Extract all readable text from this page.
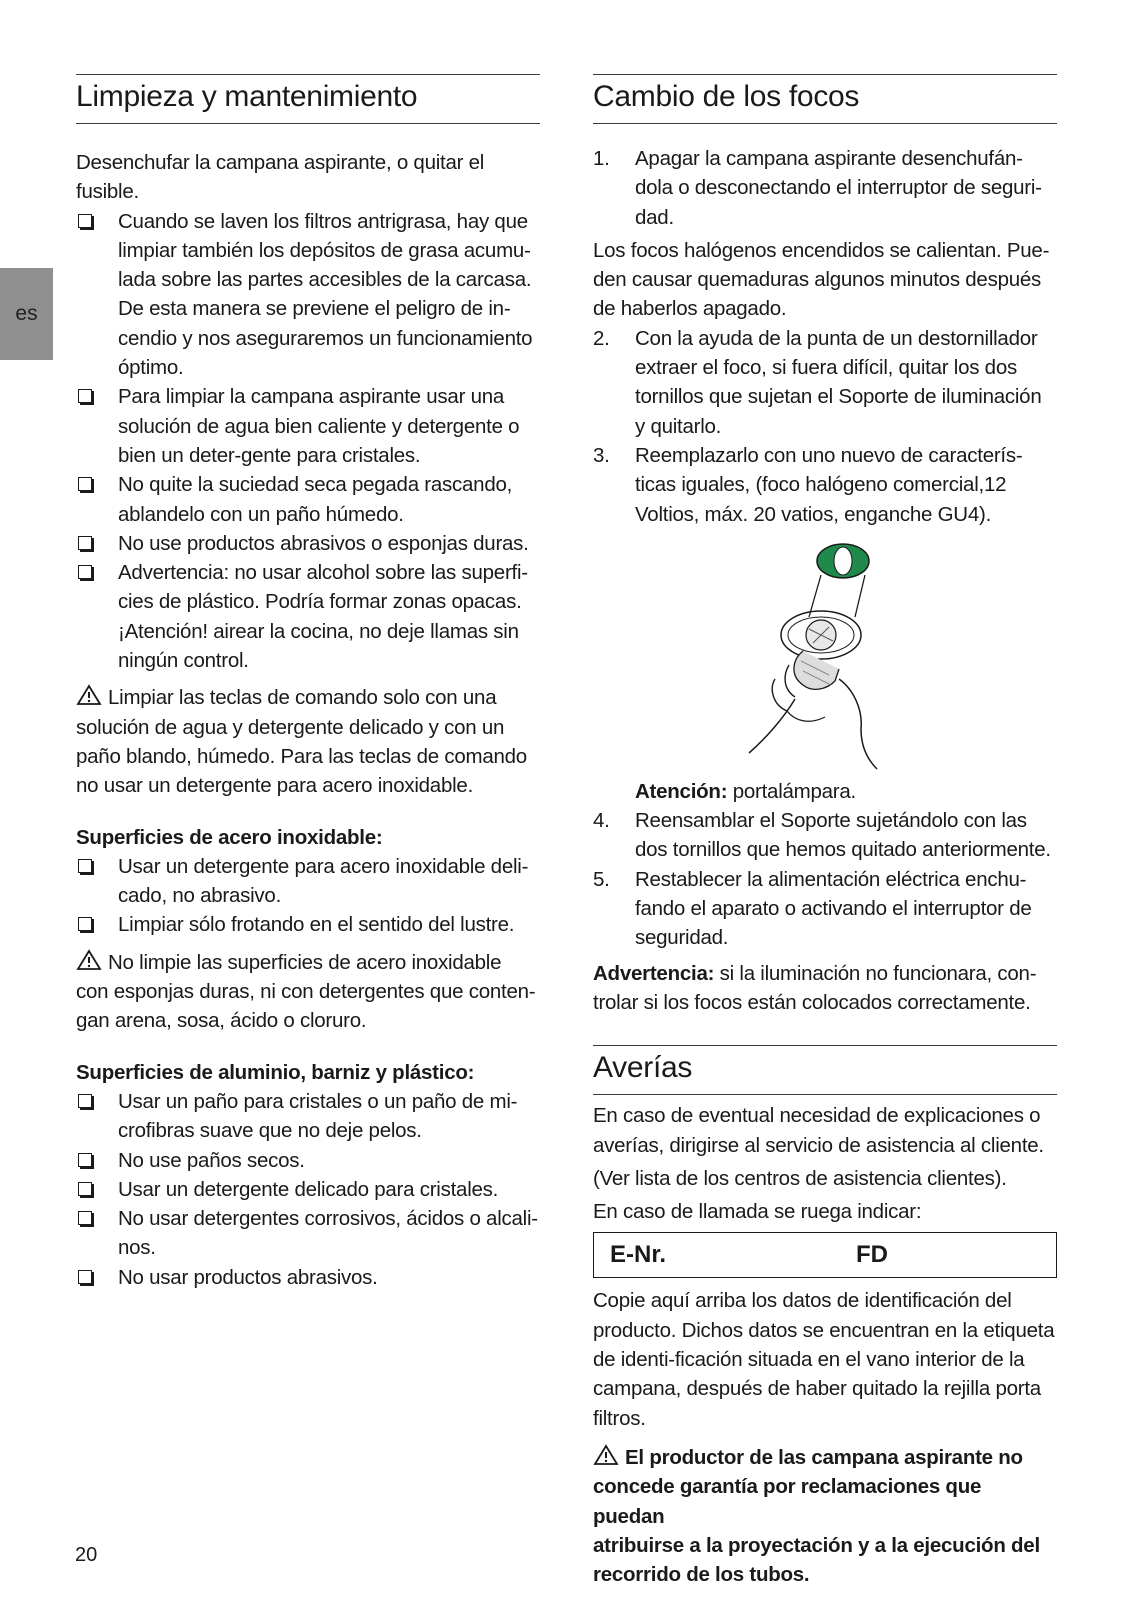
es
Limpieza y mantenimiento
Desenchufar la campana aspirante, o quitar el
fusible.
Cuando se laven los filtros antrigrasa, hay que
limpiar también los depósitos de grasa acumu-
lada sobre las partes accesibles de la carcasa.
De esta manera se previene el peligro de in-
cendio y nos aseguraremos un funcionamiento
óptimo.
Para limpiar la campana aspirante usar una
solución de agua bien caliente y detergente o
bien un deter-gente para cristales.
No quite la suciedad seca pegada rascando,
ablandelo con un paño húmedo.
No use productos abrasivos o esponjas duras.
Advertencia: no usar alcohol sobre las superfi-
cies de plástico. Podría formar zonas opacas.
¡Atención! airear la cocina, no deje llamas sin
ningún control.
Limpiar las teclas de comando solo con una
solución de agua y detergente delicado y con un
paño blando, húmedo. Para las teclas de comando
no usar un detergente para acero inoxidable.
Superficies de acero inoxidable:
Usar un detergente para acero inoxidable deli-
cado, no abrasivo.
Limpiar sólo frotando en el sentido del lustre.
No limpie las superficies de acero inoxidable
con esponjas duras, ni con detergentes que conten-
gan arena, sosa, ácido o cloruro.
Superficies de aluminio, barniz y plástico:
Usar un paño para cristales o un paño de mi-
crofibras suave que no deje pelos.
No use paños secos.
Usar un detergente delicado para cristales.
No usar detergentes corrosivos, ácidos o alcali-
nos.
No usar productos abrasivos.
Cambio de los focos
1. Apagar la campana aspirante desenchufán-
dola o desconectando el interruptor de seguri-
dad.
Los focos halógenos encendidos se calientan. Pue-
den causar quemaduras algunos minutos después
de haberlos apagado.
2. Con la ayuda de la punta de un destornillador
extraer el foco, si fuera difícil, quitar los dos
tornillos que sujetan el Soporte de iluminación
y quitarlo.
3. Reemplazarlo con uno nuevo de caracterís-
ticas iguales, (foco halógeno comercial,12
Voltios, máx. 20 vatios, enganche GU4).
Atención: portalámpara.
4. Reensamblar el Soporte sujetándolo con las
dos tornillos que hemos quitado anteriormente.
5. Restablecer la alimentación eléctrica enchu-
fando el aparato o activando el interruptor de
seguridad.
Advertencia: si la iluminación no funcionara, con-
trolar si los focos están colocados correctamente.
Averías
En caso de eventual necesidad de explicaciones o
averías, dirigirse al servicio de asistencia al cliente.
(Ver lista de los centros de asistencia clientes).
En caso de llamada se ruega indicar:
E-Nr.	FD
Copie aquí arriba los datos de identificación del
producto. Dichos datos se encuentran en la etiqueta
de identi-ficación situada en el vano interior de la
campana, después de haber quitado la rejilla porta
filtros.
El productor de las campana aspirante no
concede garantía por reclamaciones que puedan
atribuirse a la proyectación y a la ejecución del
recorrido de los tubos.
20
